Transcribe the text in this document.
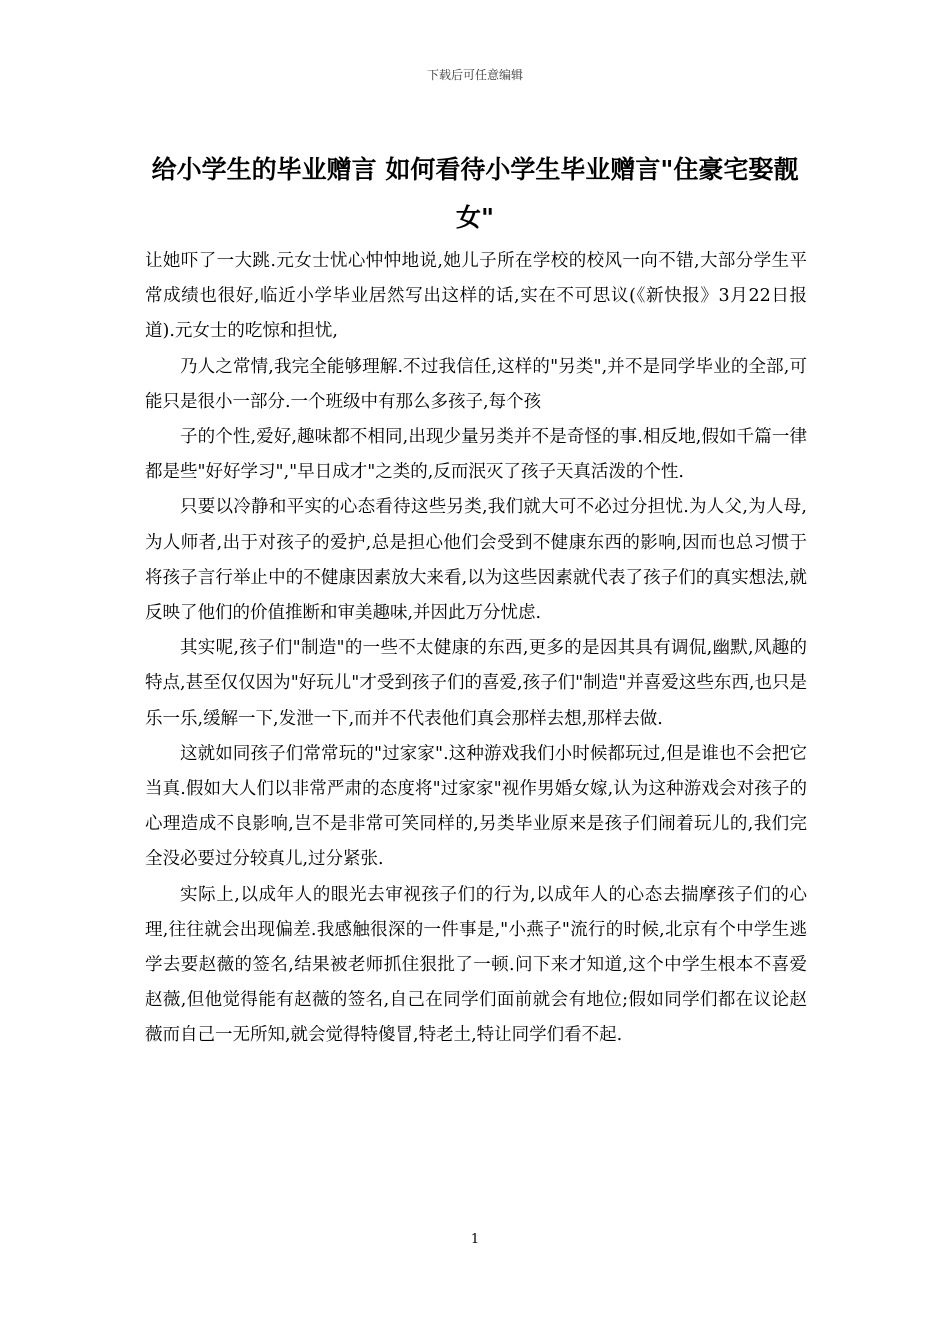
下载后可任意编辑
给小学生的毕业赠言 如何看待小学生毕业赠言"住豪宅娶靓女"

让她吓了一大跳.元女士忧心忡忡地说,她儿子所在学校的校风一向不错,大部分学生平常成绩也很好,临近小学毕业居然写出这样的话,实在不可思议(《新快报》3月22日报道).元女士的吃惊和担忧,

乃人之常情,我完全能够理解.不过我信任,这样的"另类",并不是同学毕业的全部,可能只是很小一部分.一个班级中有那么多孩子,每个孩

子的个性,爱好,趣味都不相同,出现少量另类并不是奇怪的事.相反地,假如千篇一律都是些"好好学习","早日成才"之类的,反而泯灭了孩子天真活泼的个性.

只要以冷静和平实的心态看待这些另类,我们就大可不必过分担忧.为人父,为人母,为人师者,出于对孩子的爱护,总是担心他们会受到不健康东西的影响,因而也总习惯于将孩子言行举止中的不健康因素放大来看,以为这些因素就代表了孩子们的真实想法,就反映了他们的价值推断和审美趣味,并因此万分忧虑.

其实呢,孩子们"制造"的一些不太健康的东西,更多的是因其具有调侃,幽默,风趣的特点,甚至仅仅因为"好玩儿"才受到孩子们的喜爱,孩子们"制造"并喜爱这些东西,也只是乐一乐,缓解一下,发泄一下,而并不代表他们真会那样去想,那样去做.

这就如同孩子们常常玩的"过家家".这种游戏我们小时候都玩过,但是谁也不会把它当真.假如大人们以非常严肃的态度将"过家家"视作男婚女嫁,认为这种游戏会对孩子的心理造成不良影响,岂不是非常可笑同样的,另类毕业原来是孩子们闹着玩儿的,我们完全没必要过分较真儿,过分紧张.

实际上,以成年人的眼光去审视孩子们的行为,以成年人的心态去揣摩孩子们的心理,往往就会出现偏差.我感触很深的一件事是,"小燕子"流行的时候,北京有个中学生逃学去要赵薇的签名,结果被老师抓住狠批了一顿.问下来才知道,这个中学生根本不喜爱赵薇,但他觉得能有赵薇的签名,自己在同学们面前就会有地位;假如同学们都在议论赵薇而自己一无所知,就会觉得特傻冒,特老土,特让同学们看不起.

1
